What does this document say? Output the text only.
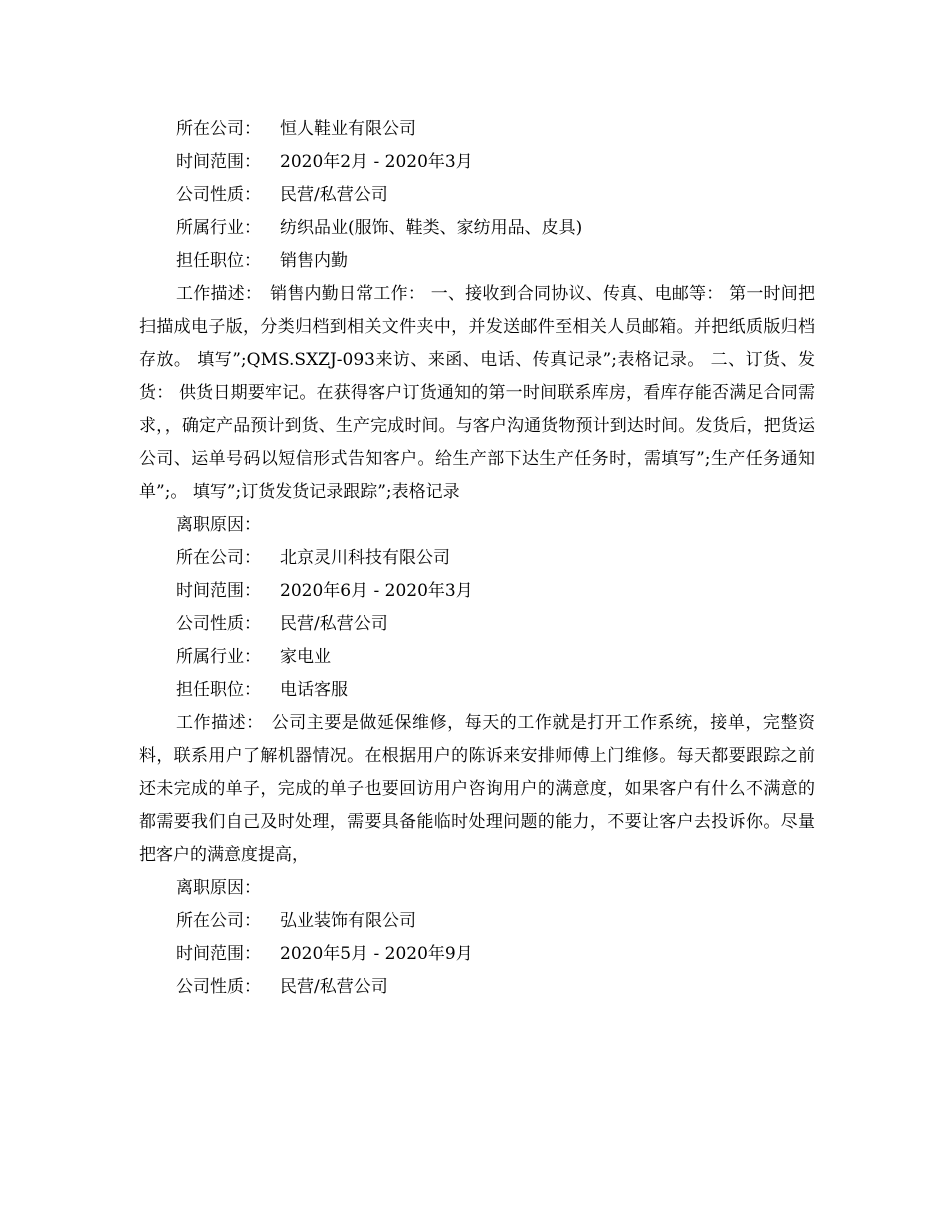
所在公司： 恒人鞋业有限公司
时间范围： 2020年2月 - 2020年3月
公司性质： 民营/私营公司
所属行业： 纺织品业(服饰、鞋类、家纺用品、皮具)
担任职位： 销售内勤
工作描述： 销售内勤日常工作： 一、接收到合同协议、传真、电邮等： 第一时间把扫描成电子版，分类归档到相关文件夹中，并发送邮件至相关人员邮箱。并把纸质版归档存放。 填写”;QMS.SXZJ-093来访、来函、电话、传真记录”;表格记录。 二、订货、发货： 供货日期要牢记。在获得客户订货通知的第一时间联系库房，看库存能否满足合同需求，，确定产品预计到货、生产完成时间。与客户沟通货物预计到达时间。发货后，把货运公司、运单号码以短信形式告知客户。给生产部下达生产任务时，需填写”;生产任务通知单”;。 填写”;订货发货记录跟踪”;表格记录
离职原因：
所在公司： 北京灵川科技有限公司
时间范围： 2020年6月 - 2020年3月
公司性质： 民营/私营公司
所属行业： 家电业
担任职位： 电话客服
工作描述： 公司主要是做延保维修，每天的工作就是打开工作系统，接单，完整资料，联系用户了解机器情况。在根据用户的陈诉来安排师傅上门维修。每天都要跟踪之前还未完成的单子，完成的单子也要回访用户咨询用户的满意度，如果客户有什么不满意的都需要我们自己及时处理，需要具备能临时处理问题的能力，不要让客户去投诉你。尽量把客户的满意度提高，
离职原因：
所在公司： 弘业装饰有限公司
时间范围： 2020年5月 - 2020年9月
公司性质： 民营/私营公司
